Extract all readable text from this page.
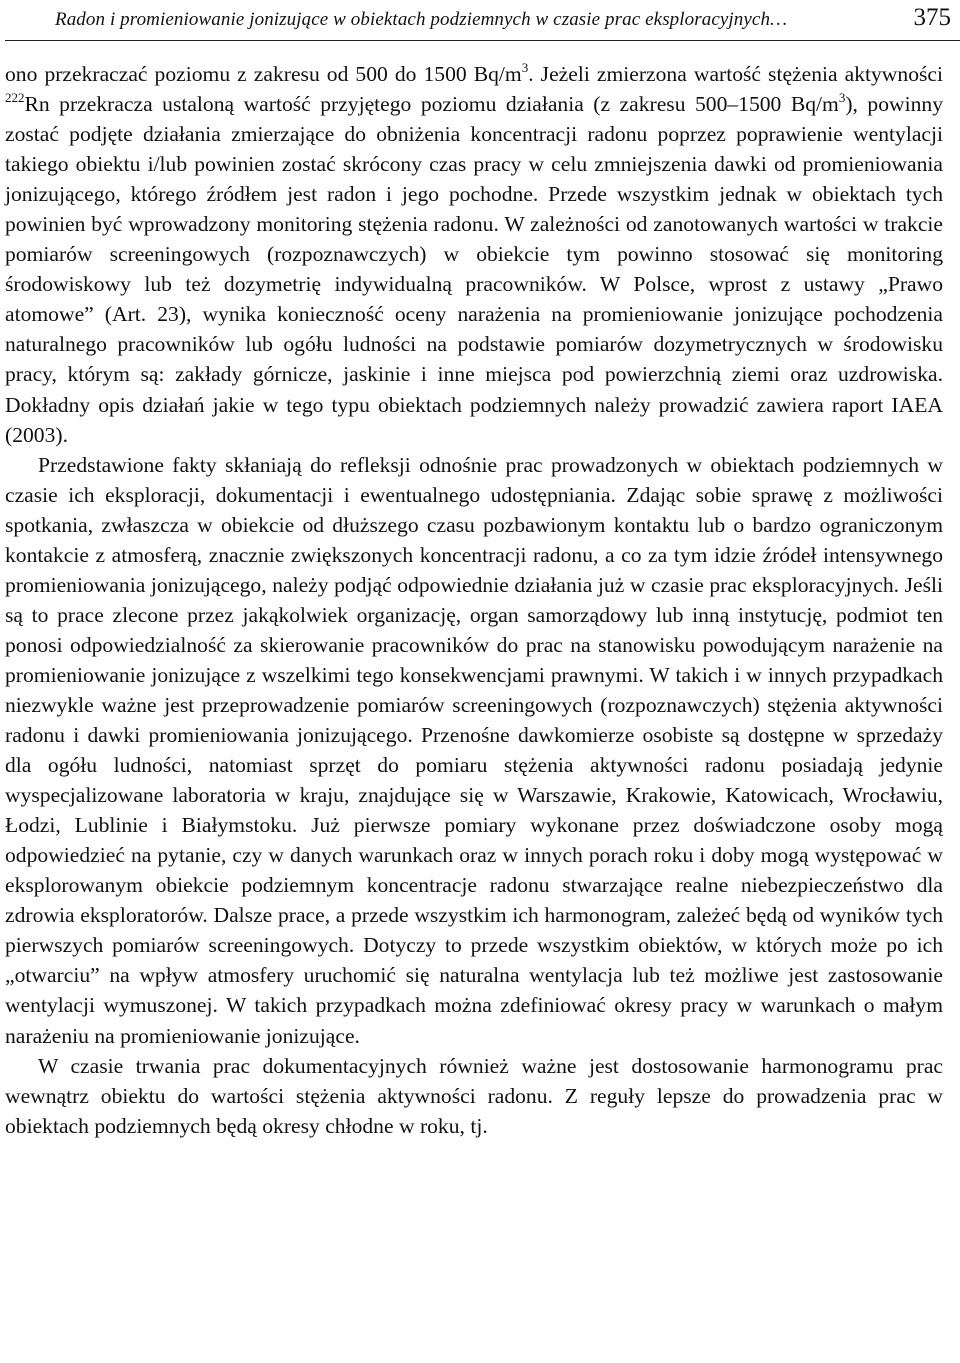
Radon i promieniowanie jonizujące w obiektach podziemnych w czasie prac eksploracyjnych…	375

ono przekraczać poziomu z zakresu od 500 do 1500 $Bq/m^3$. Jeżeli zmierzona wartość stężenia aktywności $^{222}$Rn przekracza ustaloną wartość przyjętego poziomu działania (z zakresu 500–1500 $Bq/m^3$), powinny zostać podjęte działania zmierzające do obniżenia koncentracji radonu poprzez poprawienie wentylacji takiego obiektu i/lub powinien zostać skrócony czas pracy w celu zmniejszenia dawki od promieniowania jonizującego, którego źródłem jest radon i jego pochodne. Przede wszystkim jednak w obiektach tych powinien być wprowadzony monitoring stężenia radonu. W zależności od zanotowanych wartości w trakcie pomiarów screeningowych (rozpoznawczych) w obiekcie tym powinno stosować się monitoring środowiskowy lub też dozymetrię indywidualną pracowników. W Polsce, wprost z ustawy „Prawo atomowe” (Art. 23), wynika konieczność oceny narażenia na promieniowanie jonizujące pochodzenia naturalnego pracowników lub ogółu ludności na podstawie pomiarów dozymetrycznych w środowisku pracy, którym są: zakłady górnicze, jaskinie i inne miejsca pod powierzchnią ziemi oraz uzdrowiska. Dokładny opis działań jakie w tego typu obiektach podziemnych należy prowadzić zawiera raport IAEA (2003).

Przedstawione fakty skłaniają do refleksji odnośnie prac prowadzonych w obiektach podziemnych w czasie ich eksploracji, dokumentacji i ewentualnego udostępniania. Zdając sobie sprawę z możliwości spotkania, zwłaszcza w obiekcie od dłuższego czasu pozbawionym kontaktu lub o bardzo ograniczonym kontakcie z atmosferą, znacznie zwiększonych koncentracji radonu, a co za tym idzie źródeł intensywnego promieniowania jonizującego, należy podjąć odpowiednie działania już w czasie prac eksploracyjnych. Jeśli są to prace zlecone przez jakąkolwiek organizację, organ samorządowy lub inną instytucję, podmiot ten ponosi odpowiedzialność za skierowanie pracowników do prac na stanowisku powodującym narażenie na promieniowanie jonizujące z wszelkimi tego konsekwencjami prawnymi. W takich i w innych przypadkach niezwykle ważne jest przeprowadzenie pomiarów screeningowych (rozpoznawczych) stężenia aktywności radonu i dawki promieniowania jonizującego. Przenośne dawkomierze osobiste są dostępne w sprzedaży dla ogółu ludności, natomiast sprzęt do pomiaru stężenia aktywności radonu posiadają jedynie wyspecjalizowane laboratoria w kraju, znajdujące się w Warszawie, Krakowie, Katowicach, Wrocławiu, Łodzi, Lublinie i Białymstoku. Już pierwsze pomiary wykonane przez doświadczone osoby mogą odpowiedzieć na pytanie, czy w danych warunkach oraz w innych porach roku i doby mogą występować w eksplorowanym obiekcie podziemnym koncentracje radonu stwarzające realne niebezpieczeństwo dla zdrowia eksploratorów. Dalsze prace, a przede wszystkim ich harmonogram, zależeć będą od wyników tych pierwszych pomiarów screeningowych. Dotyczy to przede wszystkim obiektów, w których może po ich „otwarciu” na wpływ atmosfery uruchomić się naturalna wentylacja lub też możliwe jest zastosowanie wentylacji wymuszonej. W takich przypadkach można zdefiniować okresy pracy w warunkach o małym narażeniu na promieniowanie jonizujące.

W czasie trwania prac dokumentacyjnych również ważne jest dostosowanie harmonogramu prac wewnątrz obiektu do wartości stężenia aktywności radonu. Z reguły lepsze do prowadzenia prac w obiektach podziemnych będą okresy chłodne w roku, tj.
